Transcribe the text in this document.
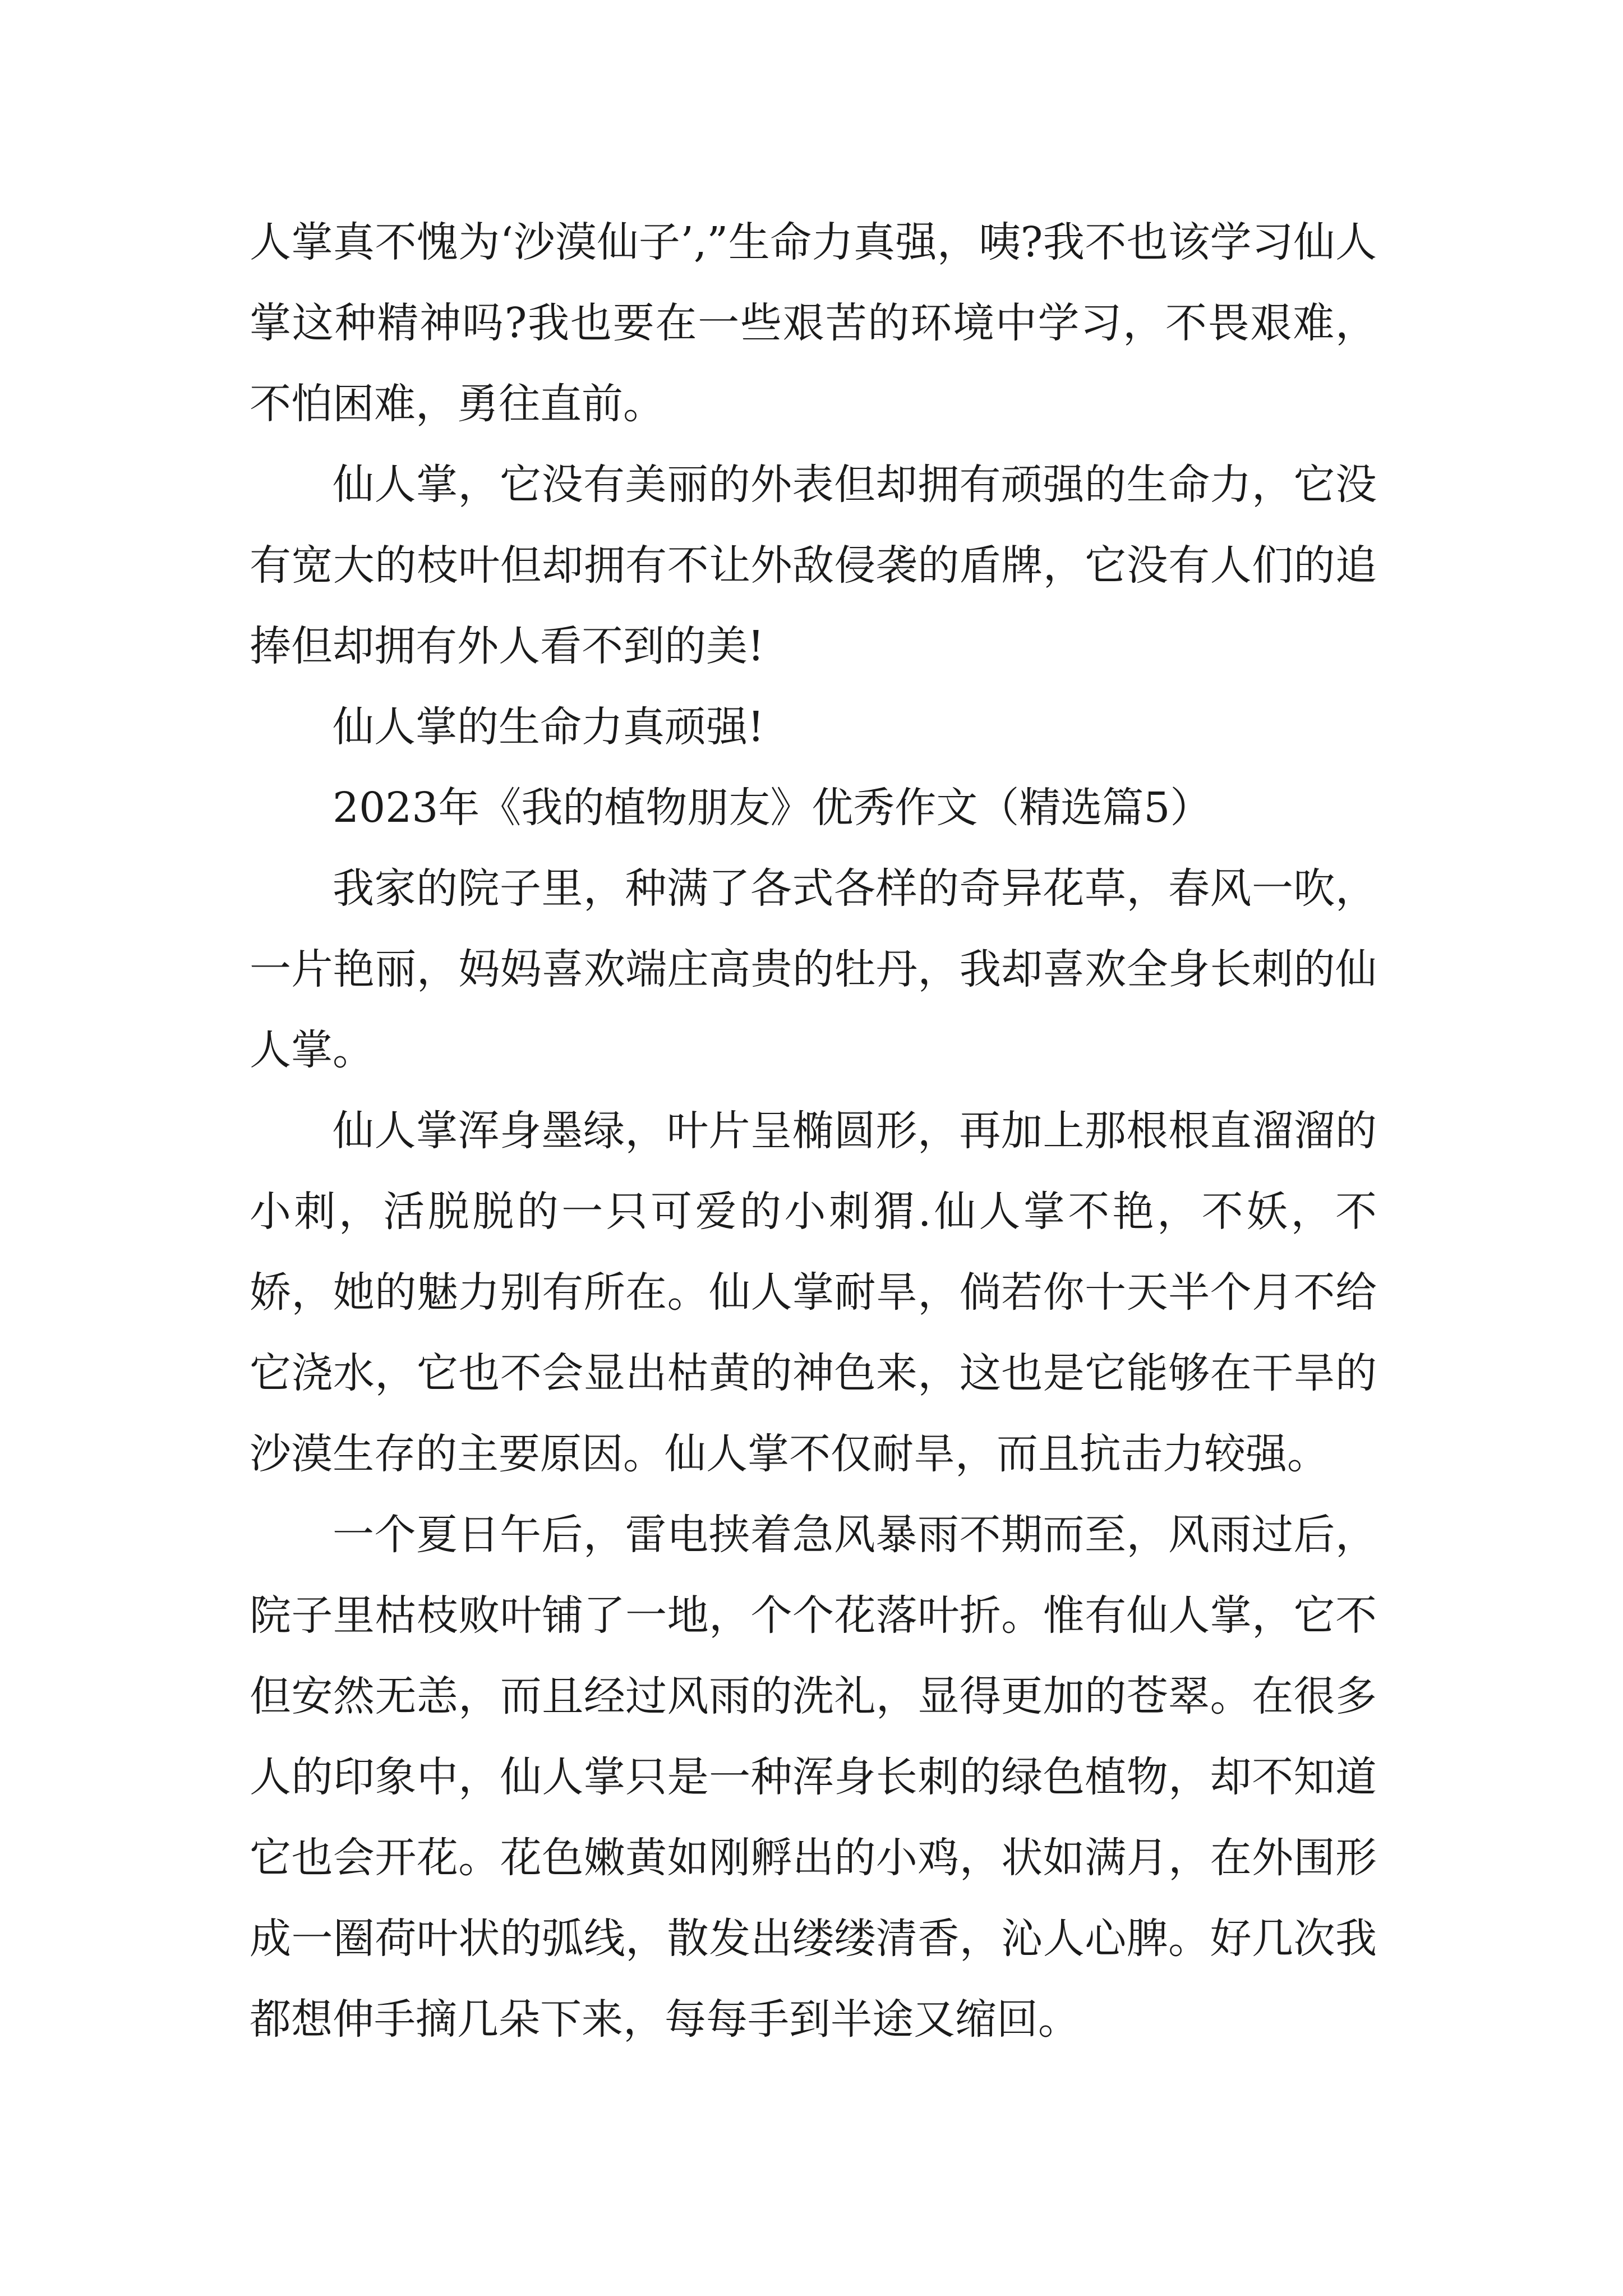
人掌真不愧为‘沙漠仙子’,”生命力真强，咦?我不也该学习仙人掌这种精神吗?我也要在一些艰苦的环境中学习，不畏艰难，不怕困难，勇往直前。

仙人掌，它没有美丽的外表但却拥有顽强的生命力，它没有宽大的枝叶但却拥有不让外敌侵袭的盾牌，它没有人们的追捧但却拥有外人看不到的美!

仙人掌的生命力真顽强!

2023年《我的植物朋友》优秀作文（精选篇5）

我家的院子里，种满了各式各样的奇异花草，春风一吹，一片艳丽，妈妈喜欢端庄高贵的牡丹，我却喜欢全身长刺的仙人掌。

仙人掌浑身墨绿，叶片呈椭圆形，再加上那根根直溜溜的小刺，活脱脱的一只可爱的小刺猬.仙人掌不艳，不妖，不娇，她的魅力别有所在。仙人掌耐旱，倘若你十天半个月不给它浇水，它也不会显出枯黄的神色来，这也是它能够在干旱的沙漠生存的主要原因。仙人掌不仅耐旱，而且抗击力较强。

一个夏日午后，雷电挟着急风暴雨不期而至，风雨过后，院子里枯枝败叶铺了一地，个个花落叶折。惟有仙人掌，它不但安然无恙，而且经过风雨的洗礼，显得更加的苍翠。在很多人的印象中，仙人掌只是一种浑身长刺的绿色植物，却不知道它也会开花。花色嫩黄如刚孵出的小鸡，状如满月，在外围形成一圈荷叶状的弧线，散发出缕缕清香，沁人心脾。好几次我都想伸手摘几朵下来，每每手到半途又缩回。
